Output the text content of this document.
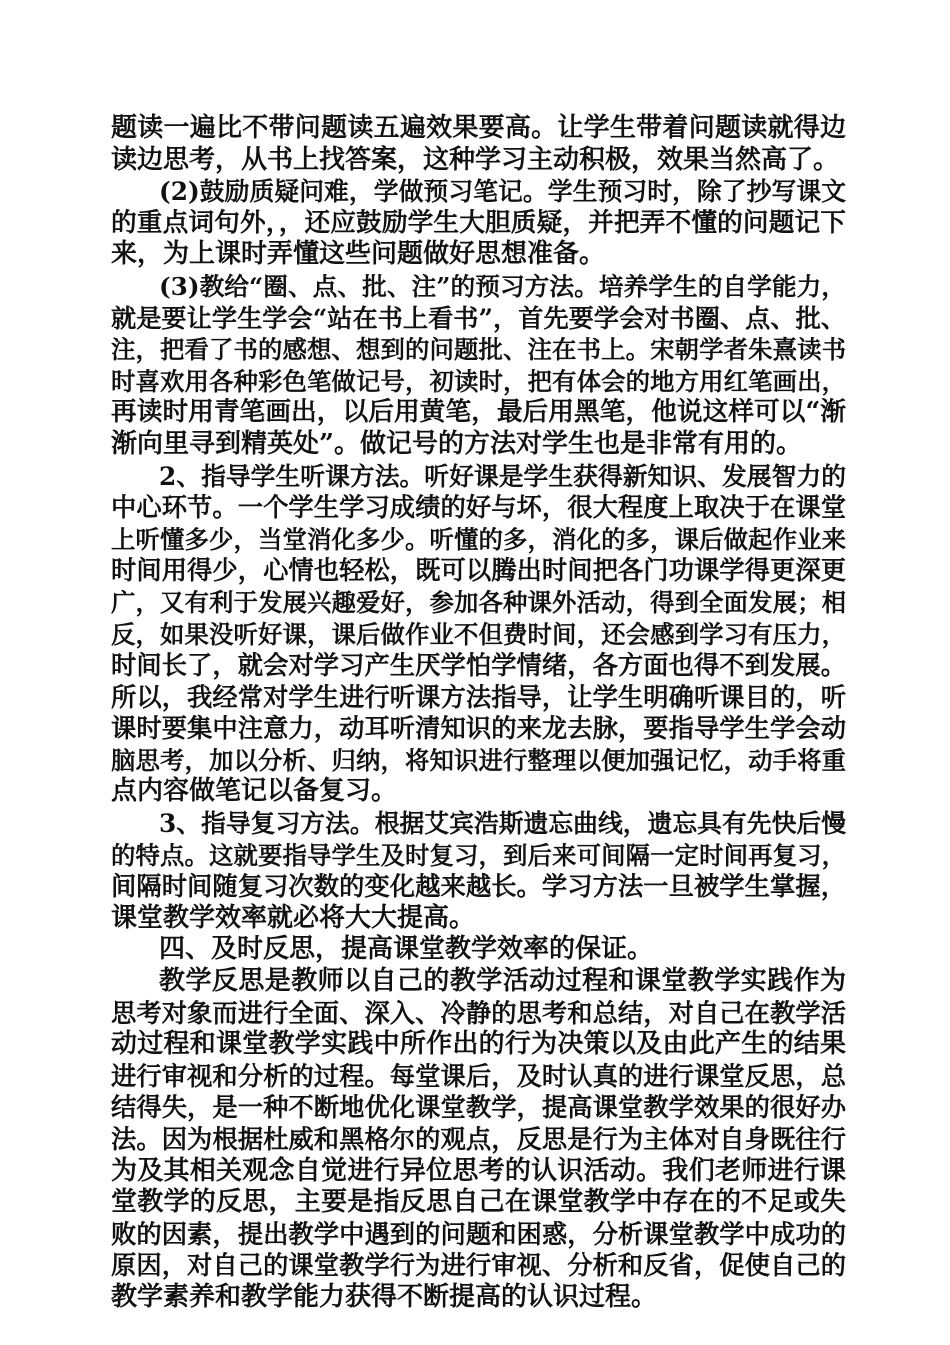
题读一遍比不带问题读五遍效果要高。让学生带着问题读就得边
读边思考，从书上找答案，这种学习主动积极，效果当然高了。
(2)鼓励质疑问难，学做预习笔记。学生预习时，除了抄写课文
的重点词句外，，还应鼓励学生大胆质疑，并把弄不懂的问题记下
来，为上课时弄懂这些问题做好思想准备。
(3)教给“圈、点、批、注”的预习方法。培养学生的自学能力，
就是要让学生学会“站在书上看书”，首先要学会对书圈、点、批、
注，把看了书的感想、想到的问题批、注在书上。宋朝学者朱熹读书
时喜欢用各种彩色笔做记号，初读时，把有体会的地方用红笔画出，
再读时用青笔画出，以后用黄笔，最后用黑笔，他说这样可以“渐
渐向里寻到精英处”。做记号的方法对学生也是非常有用的。
2、指导学生听课方法。听好课是学生获得新知识、发展智力的
中心环节。一个学生学习成绩的好与坏，很大程度上取决于在课堂
上听懂多少，当堂消化多少。听懂的多，消化的多，课后做起作业来
时间用得少，心情也轻松，既可以腾出时间把各门功课学得更深更
广，又有利于发展兴趣爱好，参加各种课外活动，得到全面发展；相
反，如果没听好课，课后做作业不但费时间，还会感到学习有压力，
时间长了，就会对学习产生厌学怕学情绪，各方面也得不到发展。
所以，我经常对学生进行听课方法指导，让学生明确听课目的，听
课时要集中注意力，动耳听清知识的来龙去脉，要指导学生学会动
脑思考，加以分析、归纳，将知识进行整理以便加强记忆，动手将重
点内容做笔记以备复习。
3、指导复习方法。根据艾宾浩斯遗忘曲线，遗忘具有先快后慢
的特点。这就要指导学生及时复习，到后来可间隔一定时间再复习，
间隔时间随复习次数的变化越来越长。学习方法一旦被学生掌握，
课堂教学效率就必将大大提高。
四、及时反思，提高课堂教学效率的保证。
教学反思是教师以自己的教学活动过程和课堂教学实践作为
思考对象而进行全面、深入、冷静的思考和总结，对自己在教学活
动过程和课堂教学实践中所作出的行为决策以及由此产生的结果
进行审视和分析的过程。每堂课后，及时认真的进行课堂反思，总
结得失，是一种不断地优化课堂教学，提高课堂教学效果的很好办
法。因为根据杜威和黑格尔的观点，反思是行为主体对自身既往行
为及其相关观念自觉进行异位思考的认识活动。我们老师进行课
堂教学的反思，主要是指反思自己在课堂教学中存在的不足或失
败的因素，提出教学中遇到的问题和困惑，分析课堂教学中成功的
原因，对自己的课堂教学行为进行审视、分析和反省，促使自己的
教学素养和教学能力获得不断提高的认识过程。
